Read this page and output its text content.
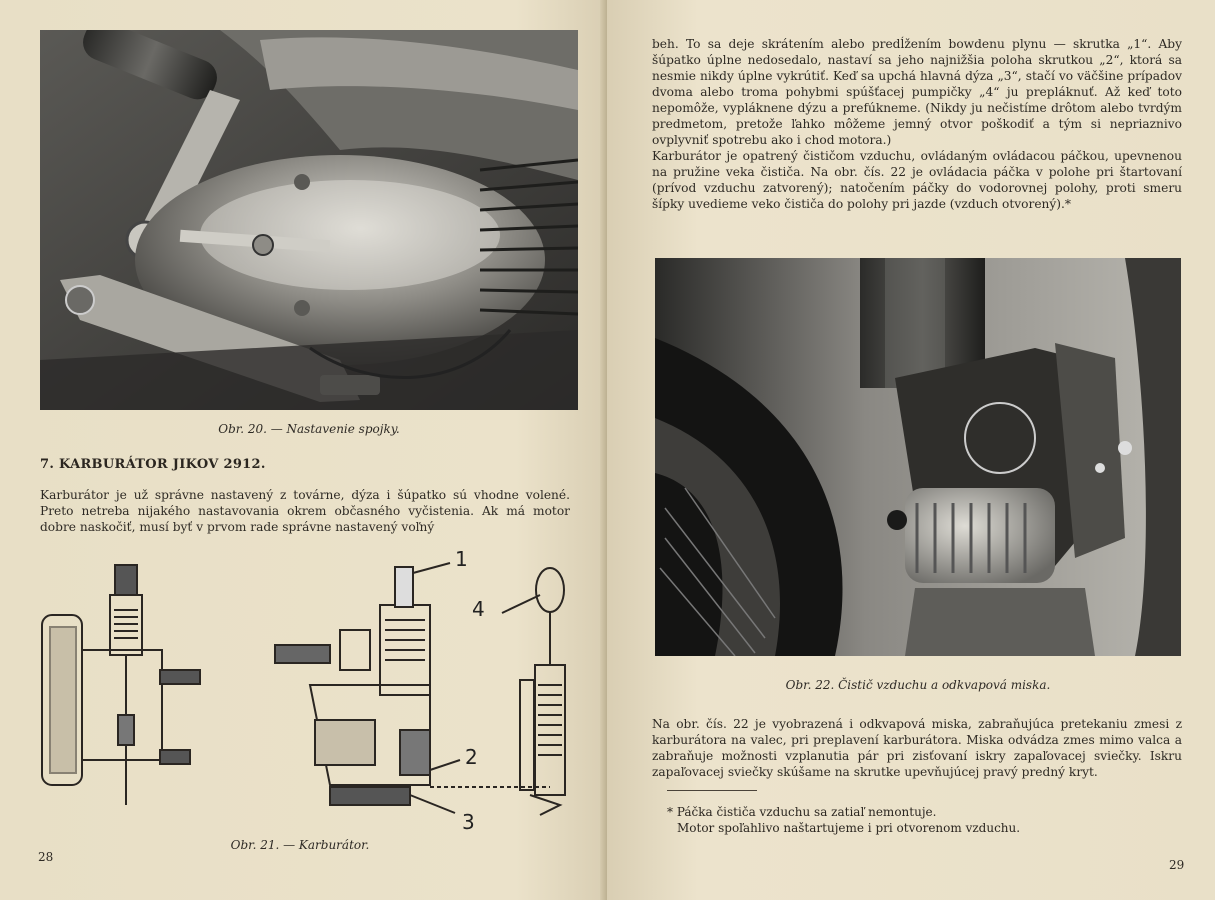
Obr. 20. — Nastavenie spojky.
7. KARBURÁTOR JIKOV 2912.
Karburátor je už správne nastavený z továrne, dýza i šúpatko sú vhodne volené. Preto netreba nijakého nastavovania okrem občasného vyčistenia. Ak má motor dobre naskočiť, musí byť v prvom rade správne nastavený voľný
1
2
3
4
Obr. 21. — Karburátor.
28
beh. To sa deje skrátením alebo predĺžením bowdenu plynu — skrutka „1“. Aby šúpatko úplne nedosedalo, nastaví sa jeho najnižšia poloha skrutkou „2“, ktorá sa nesmie nikdy úplne vykrútiť. Keď sa upchá hlavná dýza „3“, stačí vo väčšine prípadov dvoma alebo troma pohybmi spúšťacej pumpičky „4“ ju prepláknuť. Až keď toto nepomôže, vypláknene dýzu a prefúkneme. (Nikdy ju nečistíme drôtom alebo tvrdým predmetom, pretože ľahko môžeme jemný otvor poškodiť a tým si nepriaznivo ovplyvniť spotrebu ako i chod motora.)
Karburátor je opatrený čističom vzduchu, ovládaným ovládacou páčkou, upevnenou na pružine veka čističa. Na obr. čís. 22 je ovládacia páčka v polohe pri štartovaní (prívod vzduchu zatvorený); natočením páčky do vodorovnej polohy, proti smeru šípky uvedieme veko čističa do polohy pri jazde (vzduch otvorený).*
Obr. 22. Čistič vzduchu a odkvapová miska.
Na obr. čís. 22 je vyobrazená i odkvapová miska, zabraňujúca pretekaniu zmesi z karburátora na valec, pri preplavení karburátora. Miska odvádza zmes mimo valca a zabraňuje možnosti vzplanutia pár pri zisťovaní iskry zapaľovacej sviečky. Iskru zapaľovacej sviečky skúšame na skrutke upevňujúcej pravý predný kryt.
* Páčka čističa vzduchu sa zatiaľ nemontuje.
Motor spoľahlivo naštartujeme i pri otvorenom vzduchu.
29
